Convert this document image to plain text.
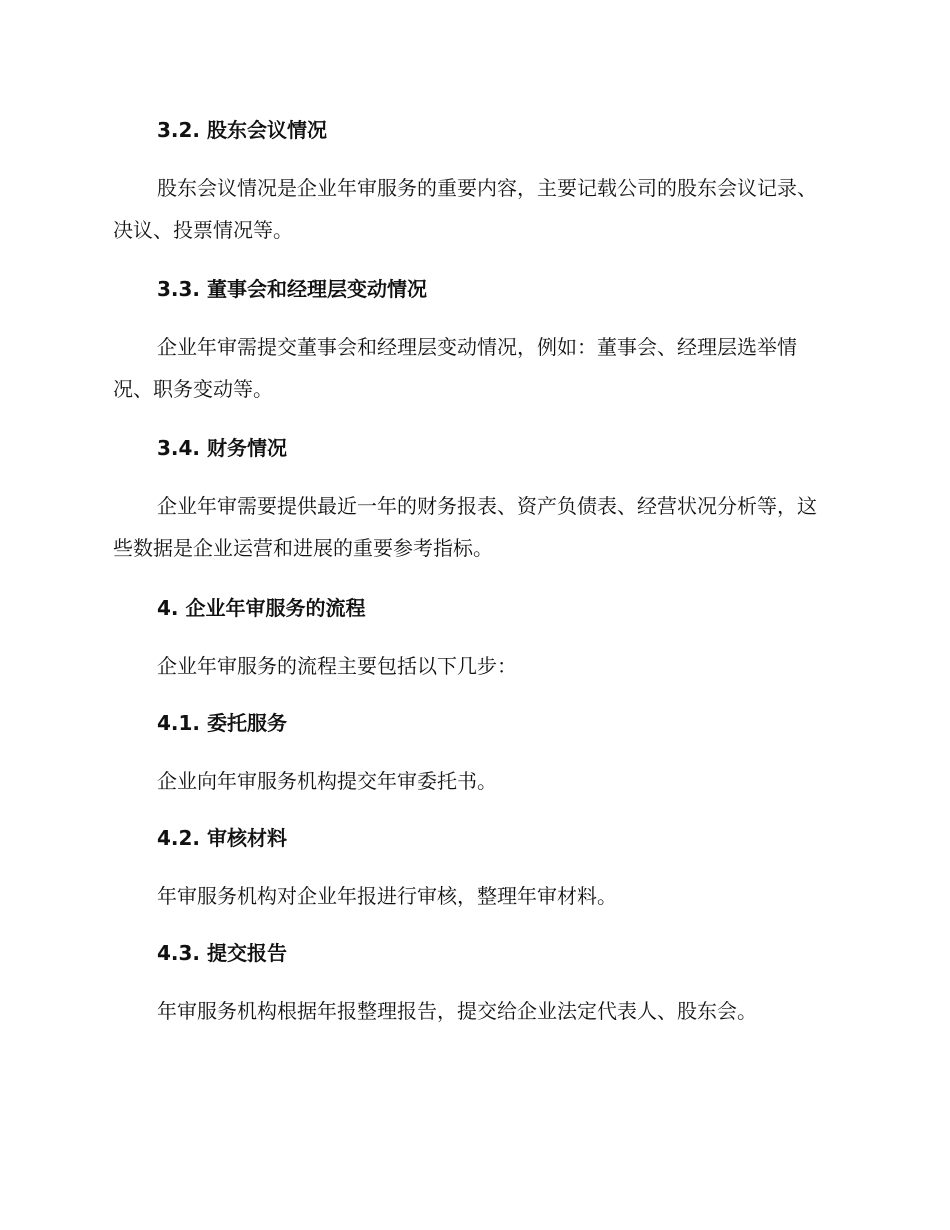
3.2. 股东会议情况

股东会议情况是企业年审服务的重要内容，主要记载公司的股东会议记录、决议、投票情况等。

3.3. 董事会和经理层变动情况

企业年审需提交董事会和经理层变动情况，例如：董事会、经理层选举情况、职务变动等。

3.4. 财务情况

企业年审需要提供最近一年的财务报表、资产负债表、经营状况分析等，这些数据是企业运营和进展的重要参考指标。

4. 企业年审服务的流程
企业年审服务的流程主要包括以下几步：
4.1. 委托服务
企业向年审服务机构提交年审委托书。
4.2. 审核材料
年审服务机构对企业年报进行审核，整理年审材料。
4.3. 提交报告
年审服务机构根据年报整理报告，提交给企业法定代表人、股东会。
